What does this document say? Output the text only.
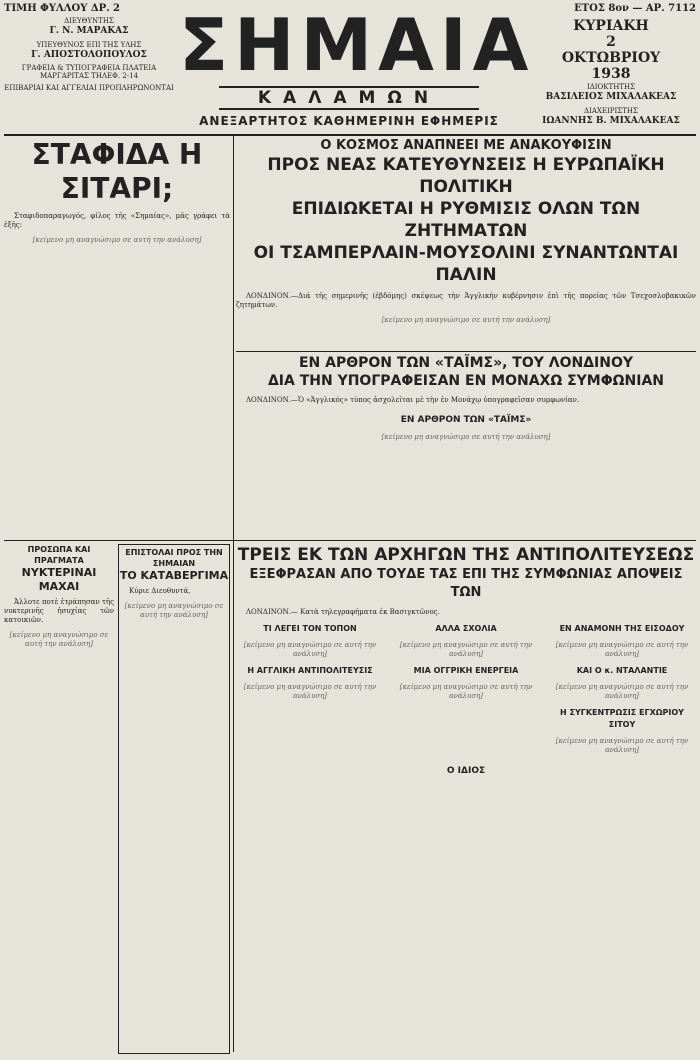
ΤΙΜΗ ΦΥΛΛΟΥ ΔΡ. 2
ΔΙΕΥΘΥΝΤΗΣ
Γ. Ν. ΜΑΡΑΚΑΣ
ΥΠΕΥΘΥΝΟΣ ΕΠΙ ΤΗΣ ΥΛΗΣ
Γ. ΑΠΟΣΤΟΛΟΠΟΥΛΟΣ
ΓΡΑΦΕΙΑ & ΤΥΠΟΓΡΑΦΕΙΑ ΠΛΑΤΕΙΑ ΜΑΡΓΑΡΙΤΑΣ ΤΗΛΕΦ. 2-14
ΕΠΙΒΑΡΙΑΙ ΚΑΙ ΑΓΓΕΛΙΑΙ ΠΡΟΠΛΗΡΩΝΟΝΤΑΙ
ΣΗΜΑΙΑ
ΚΑΛΑΜΩΝ
ΑΝΕΞΑΡΤΗΤΟΣ ΚΑΘΗΜΕΡΙΝΗ ΕΦΗΜΕΡΙΣ
ΕΤΟΣ 8ον — ΑΡ. 7112
ΚΥΡΙΑΚΗ
2
ΟΚΤΩΒΡΙΟΥ
1938
ΙΔΙΟΚΤΗΤΗΣ
ΒΑΣΙΛΕΙΟΣ ΜΙΧΑΛΑΚΕΑΣ
ΔΙΑΧΕΙΡΙΣΤΗΣ
ΙΩΑΝΝΗΣ Β. ΜΙΧΑΛΑΚΕΑΣ
ΣΤΑΦΙΔΑ Η ΣΙΤΑΡΙ;
Σταφιδοπαραγωγός, φίλος τῆς «Σημαίας», μᾶς γράφει τὰ ἑξῆς:
[κείμενο μη αναγνώσιμο σε αυτή την ανάλυση]
Ο ΚΟΣΜΟΣ ΑΝΑΠΝΕΕΙ ΜΕ ΑΝΑΚΟΥΦΙΣΙΝ
ΠΡΟΣ ΝΕΑΣ ΚΑΤΕΥΘΥΝΣΕΙΣ Η ΕΥΡΩΠΑΪΚΗ ΠΟΛΙΤΙΚΗ
ΕΠΙΔΙΩΚΕΤΑΙ Η ΡΥΘΜΙΣΙΣ ΟΛΩΝ ΤΩΝ ΖΗΤΗΜΑΤΩΝ
ΟΙ ΤΣΑΜΠΕΡΛΑΙΝ-ΜΟΥΣΟΛΙΝΙ ΣΥΝΑΝΤΩΝΤΑΙ ΠΑΛΙΝ
ΛΟΝΔΙΝΟΝ.—Διά τῆς σημερινῆς (ἐβδόμης) σκέψεως τὴν Ἀγγλικὴν κυβέρνησιν ἐπὶ τῆς πορείας τῶν Τσεχοσλοβακικῶν ζητημάτων.
[κείμενο μη αναγνώσιμο σε αυτή την ανάλυση]
ΕΝ ΑΡΘΡΟΝ ΤΩΝ «ΤΑΪΜΣ», ΤΟΥ ΛΟΝΔΙΝΟΥ
ΔΙΑ ΤΗΝ ΥΠΟΓΡΑΦΕΙΣΑΝ ΕΝ ΜΟΝΑΧΩ ΣΥΜΦΩΝΙΑΝ
ΛΟΝΔΙΝΟΝ.—Ὁ «Ἀγγλικός» τύπος ἀσχολεῖται μὲ τὴν ἐν Μονάχῳ ὑπογραφεῖσαν συμφωνίαν.
ΕΝ ΑΡΘΡΟΝ ΤΩΝ «ΤΑΪΜΣ»
[κείμενο μη αναγνώσιμο σε αυτή την ανάλυση]
ΠΡΟΣΩΠΑ ΚΑΙ ΠΡΑΓΜΑΤΑ
ΝΥΚΤΕΡΙΝΑΙ ΜΑΧΑΙ
Ἀλλοτε ποτὲ ἐτράπησαν τῆς νυκτερινῆς ἡσυχίας τῶν κατοικιῶν.
[κείμενο μη αναγνώσιμο σε αυτή την ανάλυση]
ΕΠΙΣΤΟΛΑΙ ΠΡΟΣ ΤΗΝ ΣΗΜΑΙΑΝ
ΤΟ ΚΑΤΑΒΕΡΓΙΜΑ
Κύριε Διευθυντά,
[κείμενο μη αναγνώσιμο σε αυτή την ανάλυση]
ΤΡΕΙΣ ΕΚ ΤΩΝ ΑΡΧΗΓΩΝ ΤΗΣ ΑΝΤΙΠΟΛΙΤΕΥΣΕΩΣ
ΕΞΕΦΡΑΣΑΝ ΑΠΟ ΤΟΥΔΕ ΤΑΣ ΕΠΙ ΤΗΣ ΣΥΜΦΩΝΙΑΣ ΑΠΟΨΕΙΣ ΤΩΝ
ΛΟΝΔΙΝΟΝ.— Κατὰ τηλεγραφήματα ἐκ Βασιγκτῶνος.
ΤΙ ΛΕΓΕΙ ΤΟΝ ΤΟΠΟΝ
[κείμενο μη αναγνώσιμο σε αυτή την ανάλυση]
Η ΑΓΓΛΙΚΗ ΑΝΤΙΠΟΛΙΤΕΥΣΙΣ
[κείμενο μη αναγνώσιμο σε αυτή την ανάλυση]
ΑΛΛΑ ΣΧΟΛΙΑ
[κείμενο μη αναγνώσιμο σε αυτή την ανάλυση]
ΜΙΑ ΟΓΓΡΙΚΗ ΕΝΕΡΓΕΙΑ
[κείμενο μη αναγνώσιμο σε αυτή την ανάλυση]
ΕΝ ΑΝΑΜΟΝΗ ΤΗΣ ΕΙΣΟΔΟΥ
[κείμενο μη αναγνώσιμο σε αυτή την ανάλυση]
ΚΑΙ Ο κ. ΝΤΑΛΑΝΤΙΕ
[κείμενο μη αναγνώσιμο σε αυτή την ανάλυση]
Η ΣΥΓΚΕΝΤΡΩΣΙΣ ΕΓΧΩΡΙΟΥ ΣΙΤΟΥ
[κείμενο μη αναγνώσιμο σε αυτή την ανάλυση]
Ο ΙΔΙΟΣ
